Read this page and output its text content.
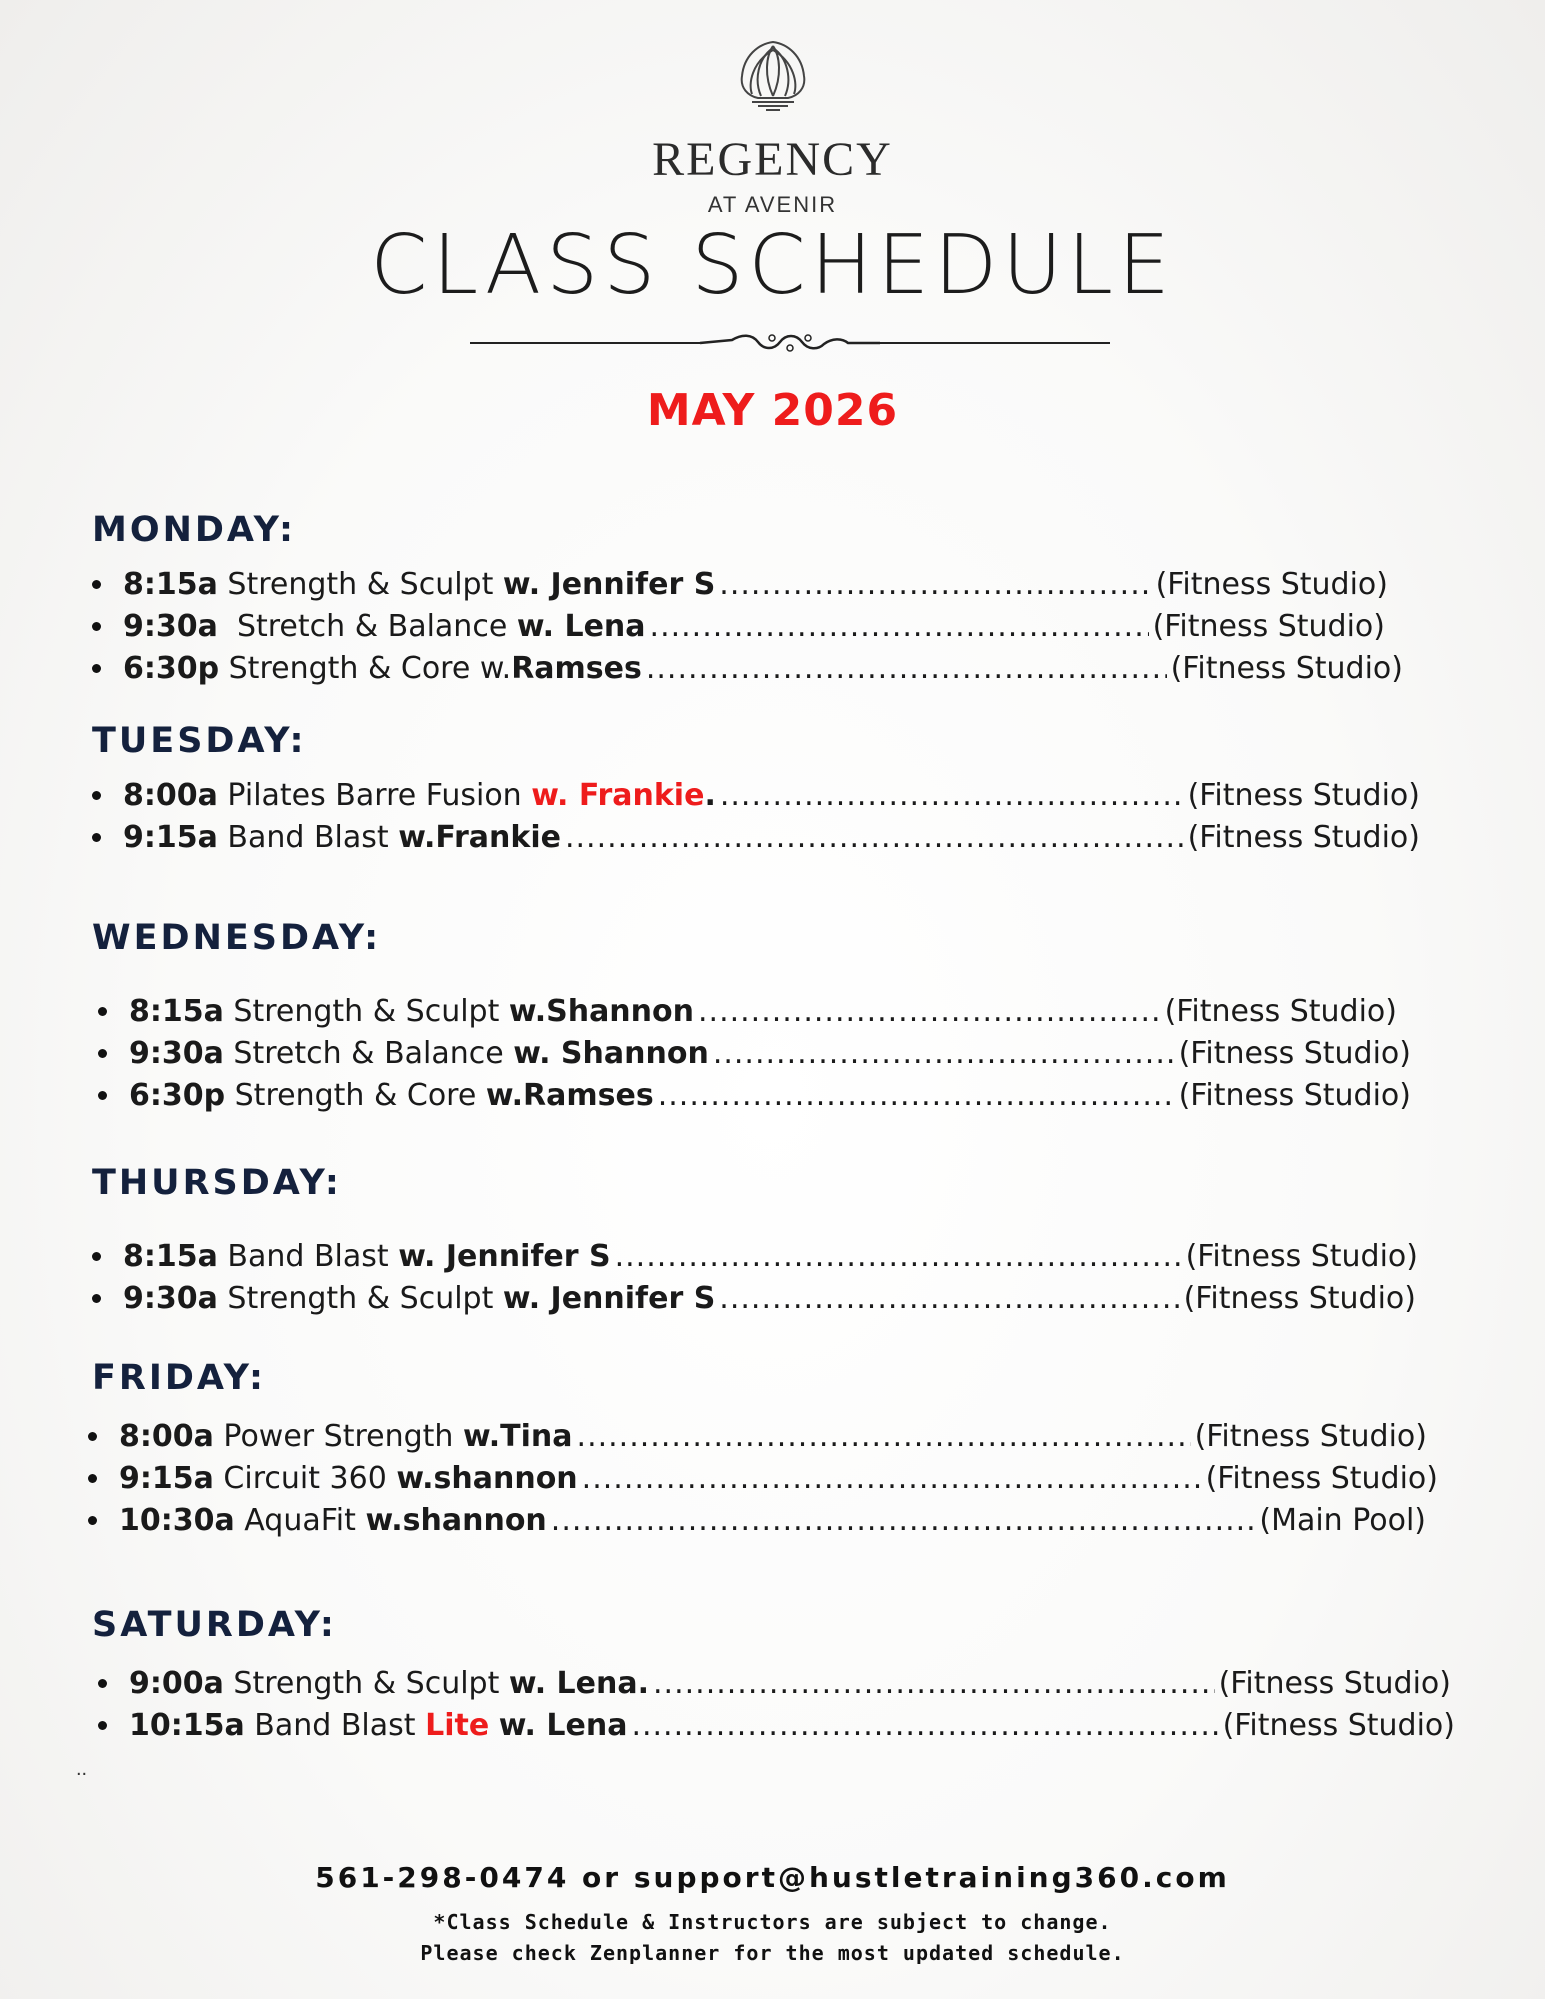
REGENCY
AT AVENIR
CLASS SCHEDULE
MAY 2026
MONDAY:
8:15a
Strength & Sculpt
w. Jennifer S .....	(Fitness Studio)
9:30a
Stretch & Balance
w. Lena .....	(Fitness Studio)
6:30p
Strength & Core
w. Ramses .....	(Fitness Studio)
TUESDAY:
8:00a
Pilates Barre Fusion
w. Frankie . .....	(Fitness Studio)
9:15a
Band Blast
w.Frankie .....	(Fitness Studio)
WEDNESDAY:
8:15a
Strength & Sculpt
w.Shannon .....	(Fitness Studio)
9:30a
Stretch & Balance
w. Shannon .....	(Fitness Studio)
6:30p
Strength & Core
w.Ramses .....	(Fitness Studio)
THURSDAY:
8:15a
Band Blast
w. Jennifer S .....	(Fitness Studio)
9:30a
Strength & Sculpt
w. Jennifer S .....	(Fitness Studio)
FRIDAY:
8:00a
Power Strength
w.Tina .....	(Fitness Studio)
9:15a
Circuit 360
w.shannon .....	(Fitness Studio)
10:30a
AquaFit
w.shannon .....	(Main Pool)
SATURDAY:
9:00a
Strength & Sculpt
w. Lena. .....	(Fitness Studio)
10:15a
Band Blast
Lite
w. Lena .....	(Fitness Studio)
..
561-298-0474 or support@hustletraining360.com
*Class Schedule & Instructors are subject to change.
Please check Zenplanner for the most updated schedule.
